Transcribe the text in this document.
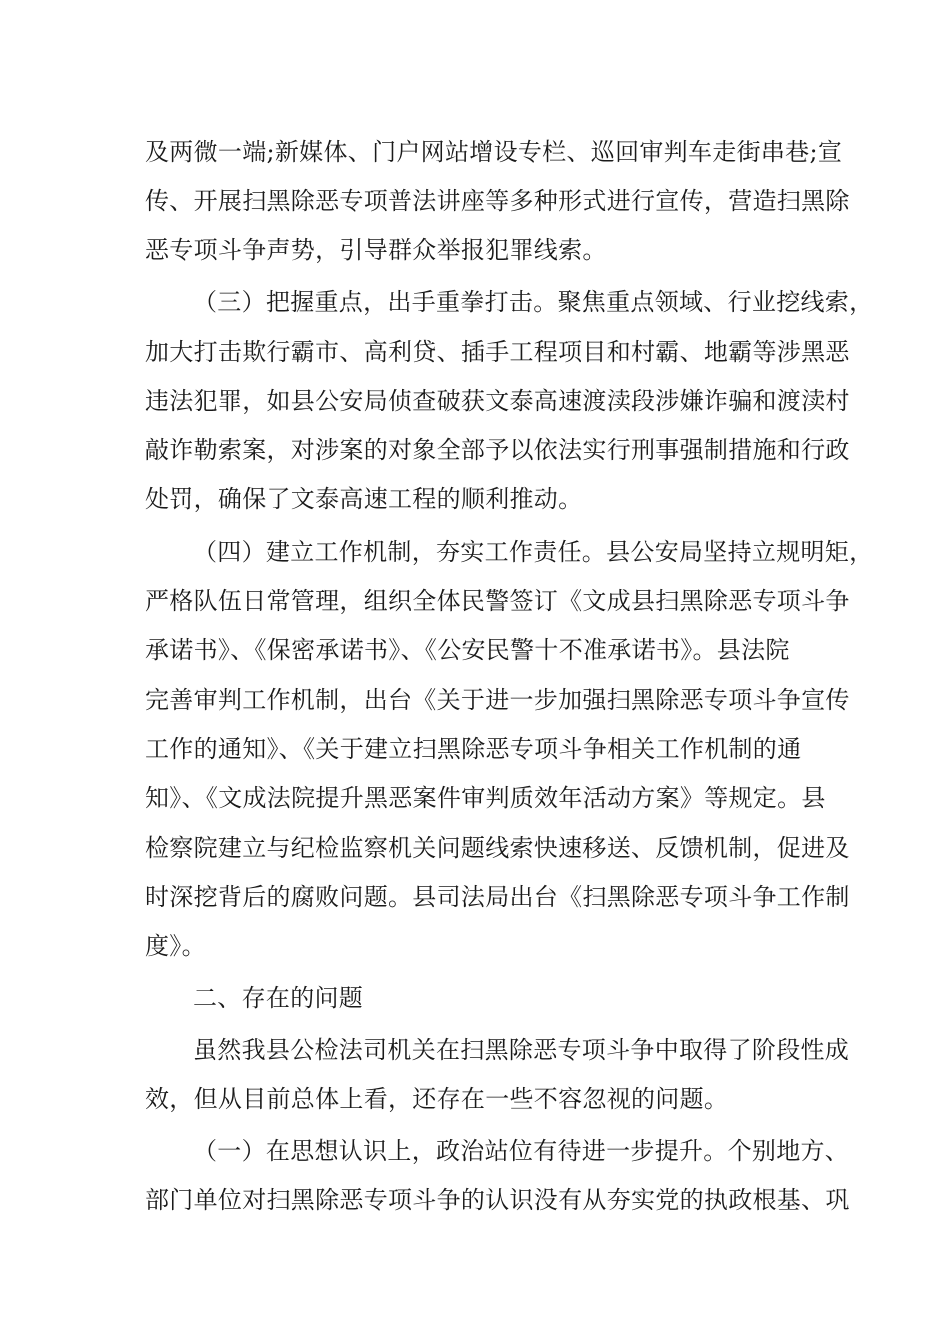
及两微一端;新媒体、门户网站增设专栏、巡回审判车走街串巷;宣
传、开展扫黑除恶专项普法讲座等多种形式进行宣传，营造扫黑除
恶专项斗争声势，引导群众举报犯罪线索。
（三）把握重点，出手重拳打击。聚焦重点领域、行业挖线索，
加大打击欺行霸市、高利贷、插手工程项目和村霸、地霸等涉黑恶
违法犯罪，如县公安局侦查破获文泰高速渡渎段涉嫌诈骗和渡渎村
敲诈勒索案，对涉案的对象全部予以依法实行刑事强制措施和行政
处罚，确保了文泰高速工程的顺利推动。
（四）建立工作机制，夯实工作责任。县公安局坚持立规明矩，
严格队伍日常管理，组织全体民警签订《文成县扫黑除恶专项斗争
承诺书》、《保密承诺书》、《公安民警十不准承诺书》。县法院
完善审判工作机制，出台《关于进一步加强扫黑除恶专项斗争宣传
工作的通知》、《关于建立扫黑除恶专项斗争相关工作机制的通
知》、《文成法院提升黑恶案件审判质效年活动方案》等规定。县
检察院建立与纪检监察机关问题线索快速移送、反馈机制，促进及
时深挖背后的腐败问题。县司法局出台《扫黑除恶专项斗争工作制
度》。
二、存在的问题
虽然我县公检法司机关在扫黑除恶专项斗争中取得了阶段性成
效，但从目前总体上看，还存在一些不容忽视的问题。
（一）在思想认识上，政治站位有待进一步提升。个别地方、
部门单位对扫黑除恶专项斗争的认识没有从夯实党的执政根基、巩
